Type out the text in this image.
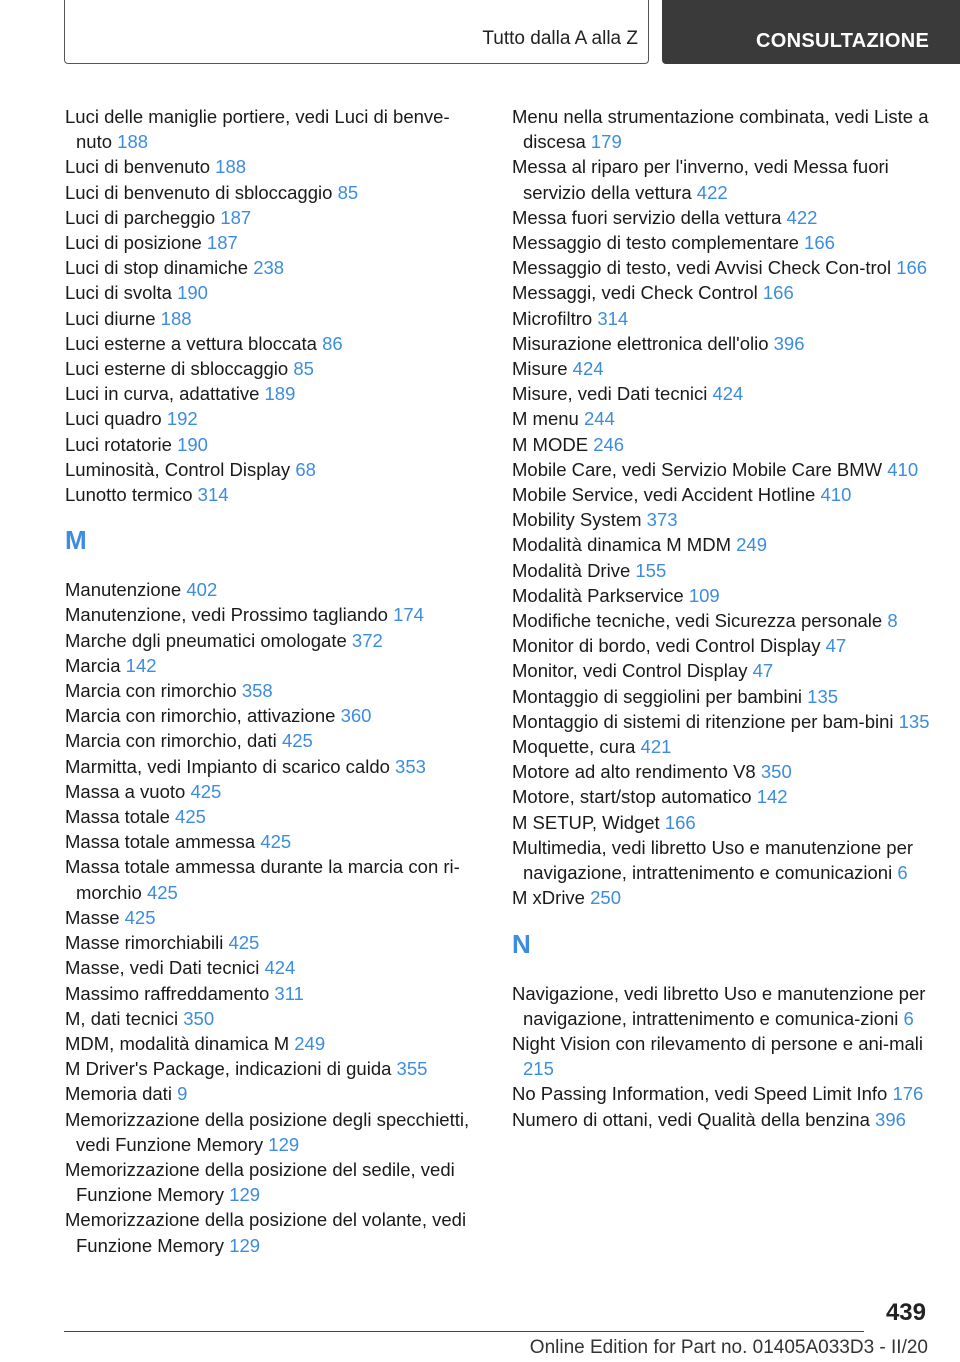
Tutto dalla A alla Z	CONSULTAZIONE
Luci delle maniglie portiere, vedi Luci di benve-nuto 188
Luci di benvenuto 188
Luci di benvenuto di sbloccaggio 85
Luci di parcheggio 187
Luci di posizione 187
Luci di stop dinamiche 238
Luci di svolta 190
Luci diurne 188
Luci esterne a vettura bloccata 86
Luci esterne di sbloccaggio 85
Luci in curva, adattative 189
Luci quadro 192
Luci rotatorie 190
Luminosità, Control Display 68
Lunotto termico 314
M
Manutenzione 402
Manutenzione, vedi Prossimo tagliando 174
Marche dgli pneumatici omologate 372
Marcia 142
Marcia con rimorchio 358
Marcia con rimorchio, attivazione 360
Marcia con rimorchio, dati 425
Marmitta, vedi Impianto di scarico caldo 353
Massa a vuoto 425
Massa totale 425
Massa totale ammessa 425
Massa totale ammessa durante la marcia con ri-morchio 425
Masse 425
Masse rimorchiabili 425
Masse, vedi Dati tecnici 424
Massimo raffreddamento 311
M, dati tecnici 350
MDM, modalità dinamica M 249
M Driver's Package, indicazioni di guida 355
Memoria dati 9
Memorizzazione della posizione degli specchietti, vedi Funzione Memory 129
Memorizzazione della posizione del sedile, vedi Funzione Memory 129
Memorizzazione della posizione del volante, vedi Funzione Memory 129
Menu nella strumentazione combinata, vedi Liste a discesa 179
Messa al riparo per l'inverno, vedi Messa fuori servizio della vettura 422
Messa fuori servizio della vettura 422
Messaggio di testo complementare 166
Messaggio di testo, vedi Avvisi Check Con-trol 166
Messaggi, vedi Check Control 166
Microfiltro 314
Misurazione elettronica dell'olio 396
Misure 424
Misure, vedi Dati tecnici 424
M menu 244
M MODE 246
Mobile Care, vedi Servizio Mobile Care BMW 410
Mobile Service, vedi Accident Hotline 410
Mobility System 373
Modalità dinamica M MDM 249
Modalità Drive 155
Modalità Parkservice 109
Modifiche tecniche, vedi Sicurezza personale 8
Monitor di bordo, vedi Control Display 47
Monitor, vedi Control Display 47
Montaggio di seggiolini per bambini 135
Montaggio di sistemi di ritenzione per bam-bini 135
Moquette, cura 421
Motore ad alto rendimento V8 350
Motore, start/stop automatico 142
M SETUP, Widget 166
Multimedia, vedi libretto Uso e manutenzione per navigazione, intrattenimento e comunicazioni 6
M xDrive 250
N
Navigazione, vedi libretto Uso e manutenzione per navigazione, intrattenimento e comunica-zioni 6
Night Vision con rilevamento di persone e ani-mali 215
No Passing Information, vedi Speed Limit Info 176
Numero di ottani, vedi Qualità della benzina 396
439
Online Edition for Part no. 01405A033D3 - II/20
